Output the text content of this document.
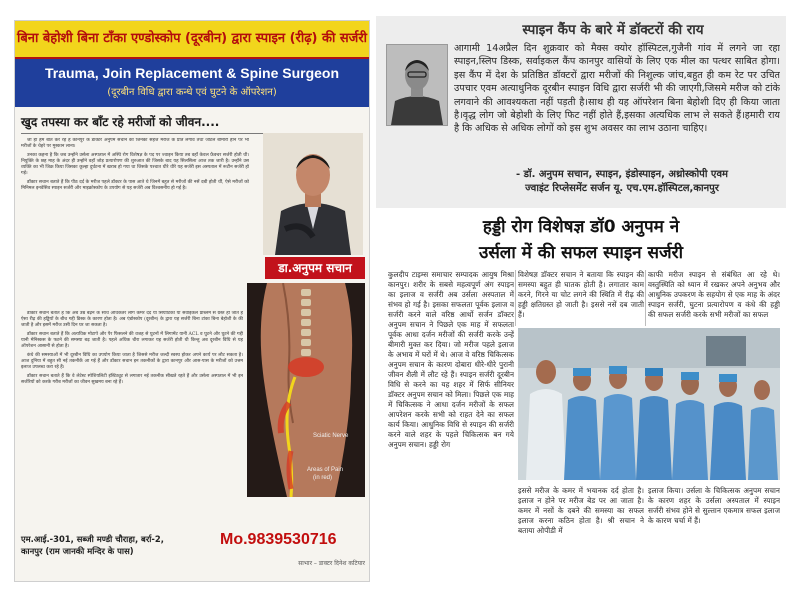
बिना बेहोशी बिना टाँका एण्डोस्कोप (दूरबीन) द्वारा स्पाइन (रीढ़) की सर्जरी
Trauma, Join Replacement & Spine Surgeon
(दूरबीन विधि द्वारा कन्धे एवं घुटने के ऑपरेशन)
खुद तपस्या कर बाँट रहे मरीजों को जीवन....

जी हाँ हम बात कर रहे हैं कानपुर के डॉक्टर अनुपम सचान की जिनका सहज मरीज के प्रति लगाव तथा जटिल बीमारी होने पर भी मरीजों के चेहरे पर मुस्कान लाना।

उनका कहना है कि जब उन्होंने उर्सला अस्पताल में अस्थि रोग विशेषज्ञ के पद पर ज्वाइन किया तब वहाँ केवल फ्रैक्चर सर्जरी होती थी। नियुक्ति के छह माह के अंदर ही उन्होंने वहाँ जोड़ प्रत्यारोपण की शुरुआत की जिसके बाद यह सिलसिला आज तक जारी है। उन्होंने उस व्यक्ति का भी जिक्र किया जिसका कूल्हा दुर्घटना में खराब हो गया था जिसके पश्चात धीरे धीरे यह सर्जरी इस अस्पताल में रूटीन सर्जरी हो गई।

डॉक्टर सचान बताते हैं कि पीठ दर्द के मरीज पहले डॉक्टर के पास आते थे जिनमें बहुत से मरीजों की नसें दबी होती थीं, ऐसे मरीजों को मिनिमल इनवेसिव स्पाइन सर्जरी और माइक्रोस्कोप के उपयोग से यह सर्जरी अब विश्वसनीय हो गई है।

डॉक्टर सचान बताते हैं कि अब उम्र बढ़ने के साथ अधिकतर लोग कमर दर्द या सियाटिका या सर्वाइकल प्रॉब्लम से ग्रस्त हो जाते हैं ऐसा रीढ़ की हड्डियों के बीच गद्दी डिस्क के कारण होता है। अब एंडोस्कोप (दूरबीन) के द्वारा यह सर्जरी बिना टांका बिना बेहोशी के की जाती है और इसमें मरीज उसी दिन घर जा सकता है।

डॉक्टर सचान बताते हैं कि अत्यधिक मोटापे और पैर फिसलने की वजह से घुटनों में लिगामेंट यानी ACL व घुटने और घुटने की गद्दी यानी मेनिस्कस के फटने की समस्या बढ़ जाती है। पहले अधिक चीरा लगाकर यह सर्जरी होती थी किन्तु अब दूरबीन विधि से यह ऑपरेशन आसानी से होता है।

कंधे की समस्याओं में भी दूरबीन विधि का उपयोग किया जाता है जिससे मरीज जल्दी स्वस्थ होकर अपने कार्य पर लौट सकता है। आज दुनिया में बहुत सी नई तकनीकें आ गई हैं और डॉक्टर सचान इन तकनीकों के द्वारा कानपुर और आस-पास के मरीजों को उत्तम इलाज उपलब्ध करा रहे हैं।

डॉक्टर सचान बताते हैं कि वे लेटेस्ट स्पेशियलिटी इंस्टिट्यूट से लगातार नई तकनीक सीखते रहते हैं और उर्सला अस्पताल में भी इन सर्जरियों को करके गरीब मरीजों का जीवन सुखमय बना रहे हैं।

डा.अनुपम सचान
Sciatic Nerve
Areas of Pain
(in red)
एम.आई.-301, सब्जी मण्डी चौराहा, बर्रा-2,
कानपुर (राम जानकी मन्दिर के पास)
Mo.9839530716
साभार – डाक्टर दिनेश कटियार
स्पाइन कैंप के बारे में डॉक्टरों की राय
आगामी 14अप्रैल दिन शुक्रवार को मैक्स क्योर हॉस्पिटल,गुजैनी गांव में लगने जा रहा स्पाइन,स्लिप डिस्क, सर्वाइकल कैंप कानपुर वासियों के लिए एक मील का पत्थर साबित होगा। इस कैंप में देश के प्रतिष्ठित डॉक्टरों द्वारा मरीजों की निशुल्क जांच,बहुत ही कम रेट पर उचित उपचार एवम अत्याधुनिक दूरबीन स्पाइन विधि द्वारा सर्जरी भी की जाएगी,जिसमे मरीज को टांके लगवाने की आवश्यकता नहीं पड़ती है।साथ ही यह ऑपरेशन बिना बेहोशी दिए ही किया जाता है।वृद्ध लोग जो बेहोशी के लिए फिट नहीं होते हैं,इसका अत्यधिक लाभ ले सकते हैं।हमारी राय है कि अधिक से अधिक लोगों को इस शुभ अवसर का लाभ उठाना चाहिए।
- डॉ. अनुपम सचान, स्पाइन, इंडोस्पाइन, अथ्रोस्कोपी एवम
ज्वाइंट रिप्लेसमेंट सर्जन यू. एच.एम.हॉस्पिटल,कानपुर
हड्डी रोग विशेषज्ञ डॉ0 अनुपम ने
उर्सला में की सफल स्पाइन सर्जरी
कुलदीप टाइम्स समाचार सम्पादक आयुष मिश्रा कानपुर। शरीर के सबसे महत्वपूर्ण अंग स्पाइन का इलाज व सर्जरी अब उर्सला अस्पताल में संभव हो गई है। इसका सफलता पूर्वक इलाज व सर्जरी करने वाले वरिष्ठ आर्थो सर्जन डॉक्टर अनुपम सचान ने पिछले एक माह में सफलता पूर्वक आधा दर्जन मरीजों की सर्जरी करके उन्हें बीमारी मुक्त कर दिया। जो मरीज पहले इलाज के अभाव में घरों में थे। आज वे वरिष्ठ चिकित्सक अनुपम सचान के कारण दोबारा धीरे-धीरे पुरानी जीवन शैली में लौट रहे हैं। स्पाइन सर्जरी दूरबीन विधि से करने का यह शहर में सिर्फ सीनियर डॉक्टर अनुपम सचान को मिला। पिछले एक माह में चिकित्सक ने आधा दर्जन मरीजों के सफल आपरेशन करके सभी को राहत देने का सफल कार्य किया। आधुनिक विधि से स्पाइन की सर्जरी करने वाले शहर के पहले चिकित्सक बन गये अनुपम सचान। हड्डी रोग
विशेषज्ञ डॉक्टर सचान ने बताया कि स्पाइन की समस्या बहुत ही घातक होती है। लगातार काम करने, गिरने या चोट लगने की स्थिति में रीढ़ की हड्डी क्षतिग्रस्त हो जाती है। इससे नसें दब जाती हैं।
काफी मरीज स्पाइन से संबंधित आ रहे थे। वस्तुस्थिति को ध्यान में रखकर अपने अनुभव और आधुनिक उपकरण के सहयोग से एक माह के अंदर स्पाइन सर्जरी, घुटना प्रत्यारोपण व कंधे की हड्डी की सफल सर्जरी करके सभी मरीजों का सफल
इससे मरीज के कमर में भयानक दर्द होता है। इलाज न होने पर मरीज बेड पर आ जाता है। कमर में नसों के दबने की समस्या का सफल इलाज करना कठिन होता है। श्री सचान ने बताया ओपीडी में
इलाज किया। उर्सला के चिकित्सक अनुपम सचान के कारण शहर के उर्सला अस्पताल में स्पाइन सर्जरी संभव होने से सुल्तान एकमात्र सफल इलाज के कारण चर्चा में हैं।
